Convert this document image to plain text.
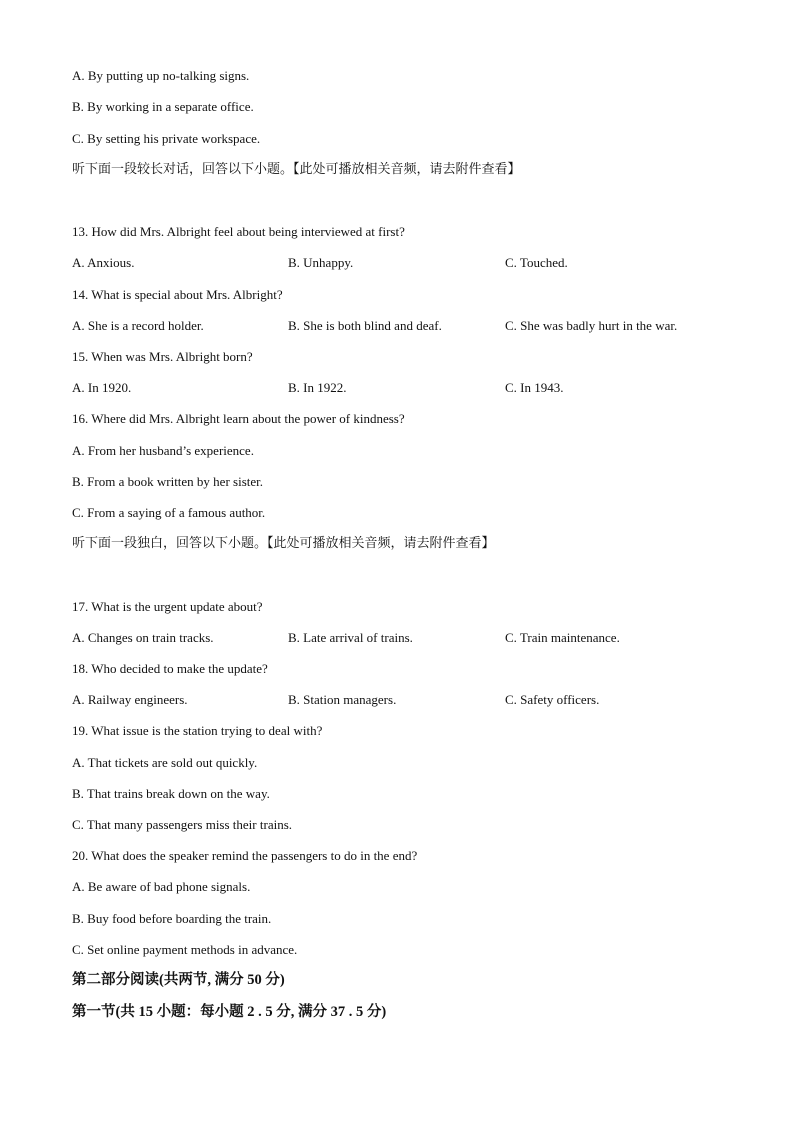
A. By putting up no-talking signs.
B. By working in a separate office.
C. By setting his private workspace.
听下面一段较长对话，回答以下小题。【此处可播放相关音频，请去附件查看】
13. How did Mrs. Albright feel about being interviewed at first?
A. Anxious.	B. Unhappy.	C. Touched.
14. What is special about Mrs. Albright?
A. She is a record holder.	B. She is both blind and deaf.	C. She was badly hurt in the war.
15. When was Mrs. Albright born?
A. In 1920.	B. In 1922.	C. In 1943.
16. Where did Mrs. Albright learn about the power of kindness?
A. From her husband’s experience.
B. From a book written by her sister.
C. From a saying of a famous author.
听下面一段独白，回答以下小题。【此处可播放相关音频，请去附件查看】
17. What is the urgent update about?
A. Changes on train tracks.	B. Late arrival of trains.	C. Train maintenance.
18. Who decided to make the update?
A. Railway engineers.	B. Station managers.	C. Safety officers.
19. What issue is the station trying to deal with?
A. That tickets are sold out quickly.
B. That trains break down on the way.
C. That many passengers miss their trains.
20. What does the speaker remind the passengers to do in the end?
A. Be aware of bad phone signals.
B. Buy food before boarding the train.
C. Set online payment methods in advance.
第二部分阅读(共两节, 满分 50 分)
第一节(共 15 小题：每小题 2 . 5 分, 满分 37 . 5 分)
